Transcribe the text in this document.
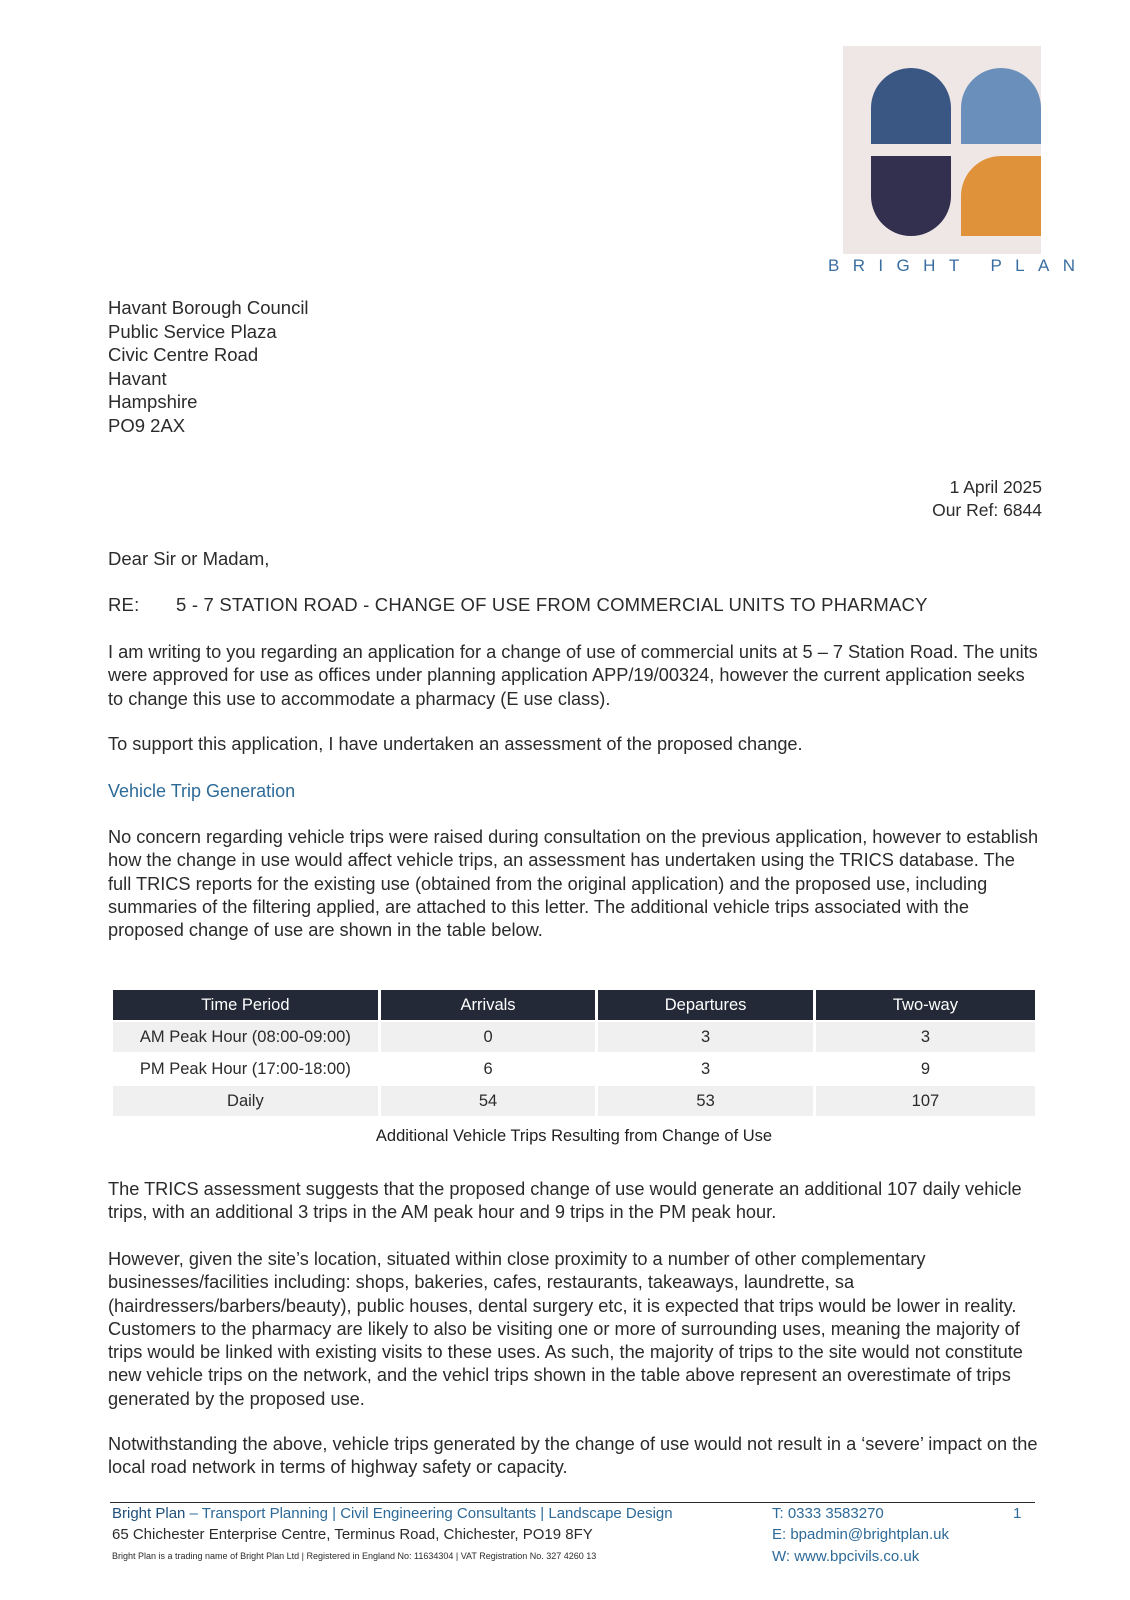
BRIGHT PLAN
Havant Borough Council
Public Service Plaza
Civic Centre Road
Havant
Hampshire
PO9 2AX
1 April 2025
Our Ref: 6844
Dear Sir or Madam,
RE: 5 - 7 STATION ROAD - CHANGE OF USE FROM COMMERCIAL UNITS TO PHARMACY
I am writing to you regarding an application for a change of use of commercial units at 5 – 7 Station Road. The units were approved for use as offices under planning application APP/19/00324, however the current application seeks to change this use to accommodate a pharmacy (E use class).
To support this application, I have undertaken an assessment of the proposed change.
Vehicle Trip Generation
No concern regarding vehicle trips were raised during consultation on the previous application, however to establish how the change in use would affect vehicle trips, an assessment has undertaken using the TRICS database. The full TRICS reports for the existing use (obtained from the original application) and the proposed use, including summaries of the filtering applied, are attached to this letter. The additional vehicle trips associated with the proposed change of use are shown in the table below.
Time Period	Arrivals	Departures	Two-way
AM Peak Hour (08:00-09:00)	0	3	3
PM Peak Hour (17:00-18:00)	6	3	9
Daily	54	53	107
Additional Vehicle Trips Resulting from Change of Use
The TRICS assessment suggests that the proposed change of use would generate an additional 107 daily vehicle trips, with an additional 3 trips in the AM peak hour and 9 trips in the PM peak hour.
However, given the site’s location, situated within close proximity to a number of other complementary businesses/facilities including: shops, bakeries, cafes, restaurants, takeaways, laundrette, sa (hairdressers/barbers/beauty), public houses, dental surgery etc, it is expected that trips would be lower in reality. Customers to the pharmacy are likely to also be visiting one or more of surrounding uses, meaning the majority of trips would be linked with existing visits to these uses. As such, the majority of trips to the site would not constitute new vehicle trips on the network, and the vehicl trips shown in the table above represent an overestimate of trips generated by the proposed use.
Notwithstanding the above, vehicle trips generated by the change of use would not result in a ‘severe’ impact on the local road network in terms of highway safety or capacity.
Bright Plan – Transport Planning | Civil Engineering Consultants | Landscape Design
65 Chichester Enterprise Centre, Terminus Road, Chichester, PO19 8FY
Bright Plan is a trading name of Bright Plan Ltd | Registered in England No: 11634304 | VAT Registration No. 327 4260 13
T: 0333 3583270
E: bpadmin@brightplan.uk
W: www.bpcivils.co.uk
1
